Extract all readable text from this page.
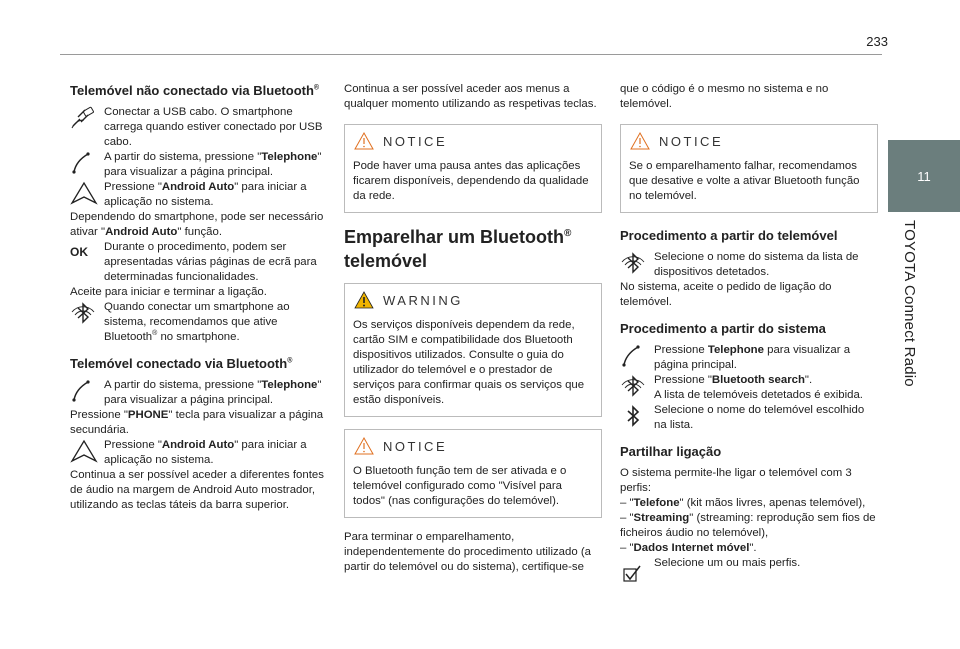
233
11
TOYOTA Connect Radio
Telemóvel não conectado via Bluetooth®

Conectar a USB cabo. O smartphone carrega quando estiver conectado por USB cabo.

A partir do sistema, pressione "Telephone" para visualizar a página principal.

Pressione "Android Auto" para iniciar a aplicação no sistema.

Dependendo do smartphone, pode ser necessário ativar "Android Auto" função.

OK	Durante o procedimento, podem ser apresentadas várias páginas de ecrã para determinadas funcionalidades.

Aceite para iniciar e terminar a ligação.

Quando conectar um smartphone ao sistema, recomendamos que ative Bluetooth® no smartphone.

Telemóvel conectado via Bluetooth®

A partir do sistema, pressione "Telephone" para visualizar a página principal.

Pressione "PHONE" tecla para visualizar a página secundária.

Pressione "Android Auto" para iniciar a aplicação no sistema.

Continua a ser possível aceder a diferentes fontes de áudio na margem de Android Auto mostrador, utilizando as teclas táteis da barra superior.

Continua a ser possível aceder aos menus a qualquer momento utilizando as respetivas teclas.

NOTICE

Pode haver uma pausa antes das aplicações ficarem disponíveis, dependendo da qualidade da rede.

Emparelhar um Bluetooth®
telemóvel
WARNING

Os serviços disponíveis dependem da rede, cartão SIM e compatibilidade dos Bluetooth dispositivos utilizados. Consulte o guia do utilizador do telemóvel e o prestador de serviços para confirmar quais os serviços que estão disponíveis.

NOTICE

O Bluetooth função tem de ser ativada e o telemóvel configurado como "Visível para todos" (nas configurações do telemóvel).

Para terminar o emparelhamento, independentemente do procedimento utilizado (a partir do telemóvel ou do sistema), certifique-se

que o código é o mesmo no sistema e no telemóvel.

NOTICE

Se o emparelhamento falhar, recomendamos que desative e volte a ativar Bluetooth função no telemóvel.

Procedimento a partir do telemóvel

Selecione o nome do sistema da lista de dispositivos detetados.

No sistema, aceite o pedido de ligação do telemóvel.

Procedimento a partir do sistema

Pressione Telephone para visualizar a página principal.

Pressione "Bluetooth search".
A lista de telemóveis detetados é exibida.

Selecione o nome do telemóvel escolhido na lista.

Partilhar ligação

O sistema permite-lhe ligar o telemóvel com 3 perfis:

– "Telefone" (kit mãos livres, apenas telemóvel),

– "Streaming" (streaming: reprodução sem fios de ficheiros áudio no telemóvel),

– "Dados Internet móvel".

Selecione um ou mais perfis.
